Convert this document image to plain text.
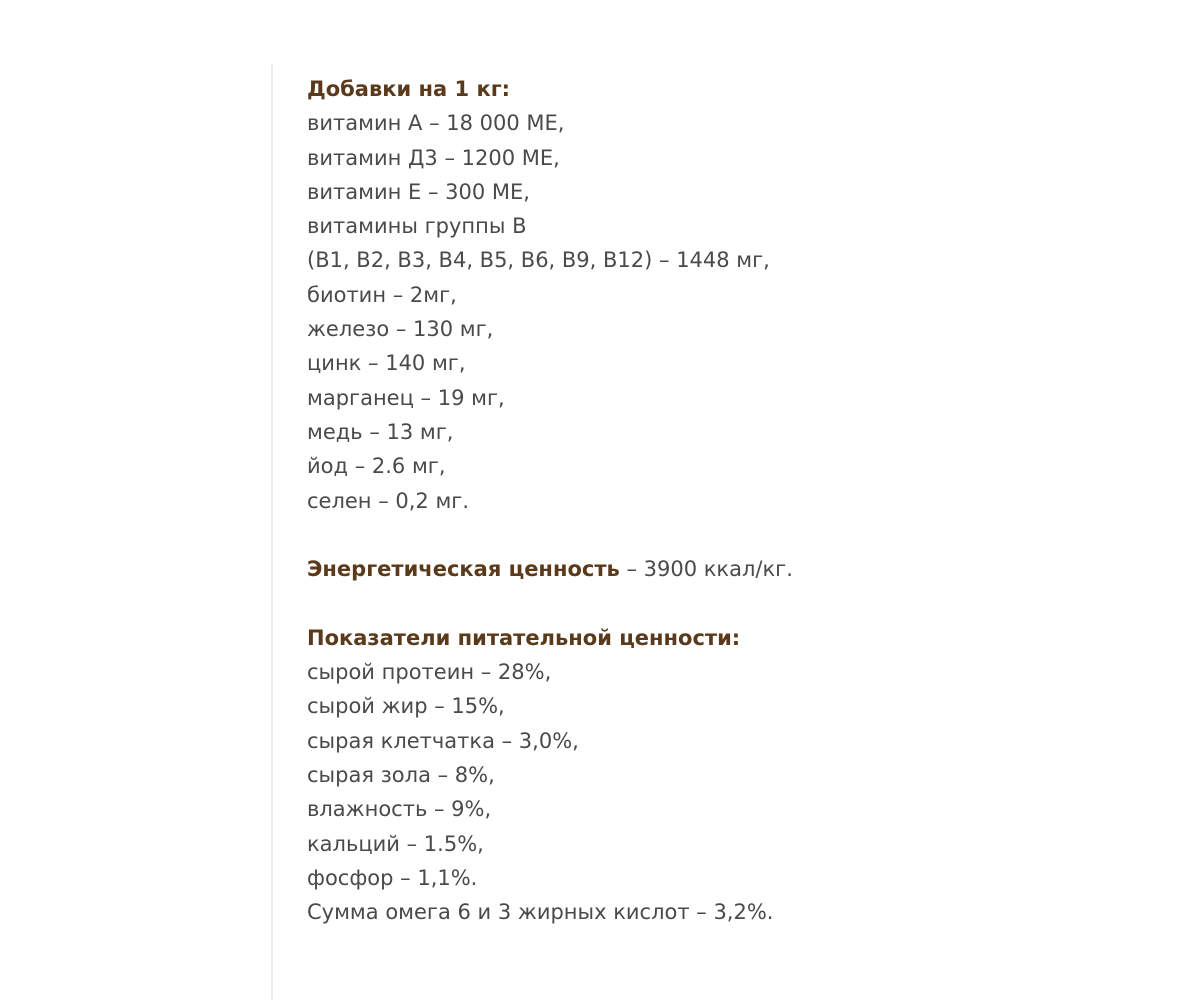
Добавки на 1 кг:

витамин А – 18 000 МЕ,

витамин Д3 – 1200 МЕ,

витамин Е – 300 МЕ,

витамины группы В

(В1, В2, В3, В4, В5, В6, В9, В12) – 1448 мг,

биотин – 2мг,

железо – 130 мг,

цинк – 140 мг,

марганец – 19 мг,

медь – 13 мг,

йод – 2.6 мг,

селен – 0,2 мг.

Энергетическая ценность – 3900 ккал/кг.

Показатели питательной ценности:

сырой протеин – 28%,

сырой жир – 15%,

сырая клетчатка – 3,0%,

сырая зола – 8%,

влажность – 9%,

кальций – 1.5%,

фосфор – 1,1%.

Сумма омега 6 и 3 жирных кислот – 3,2%.
